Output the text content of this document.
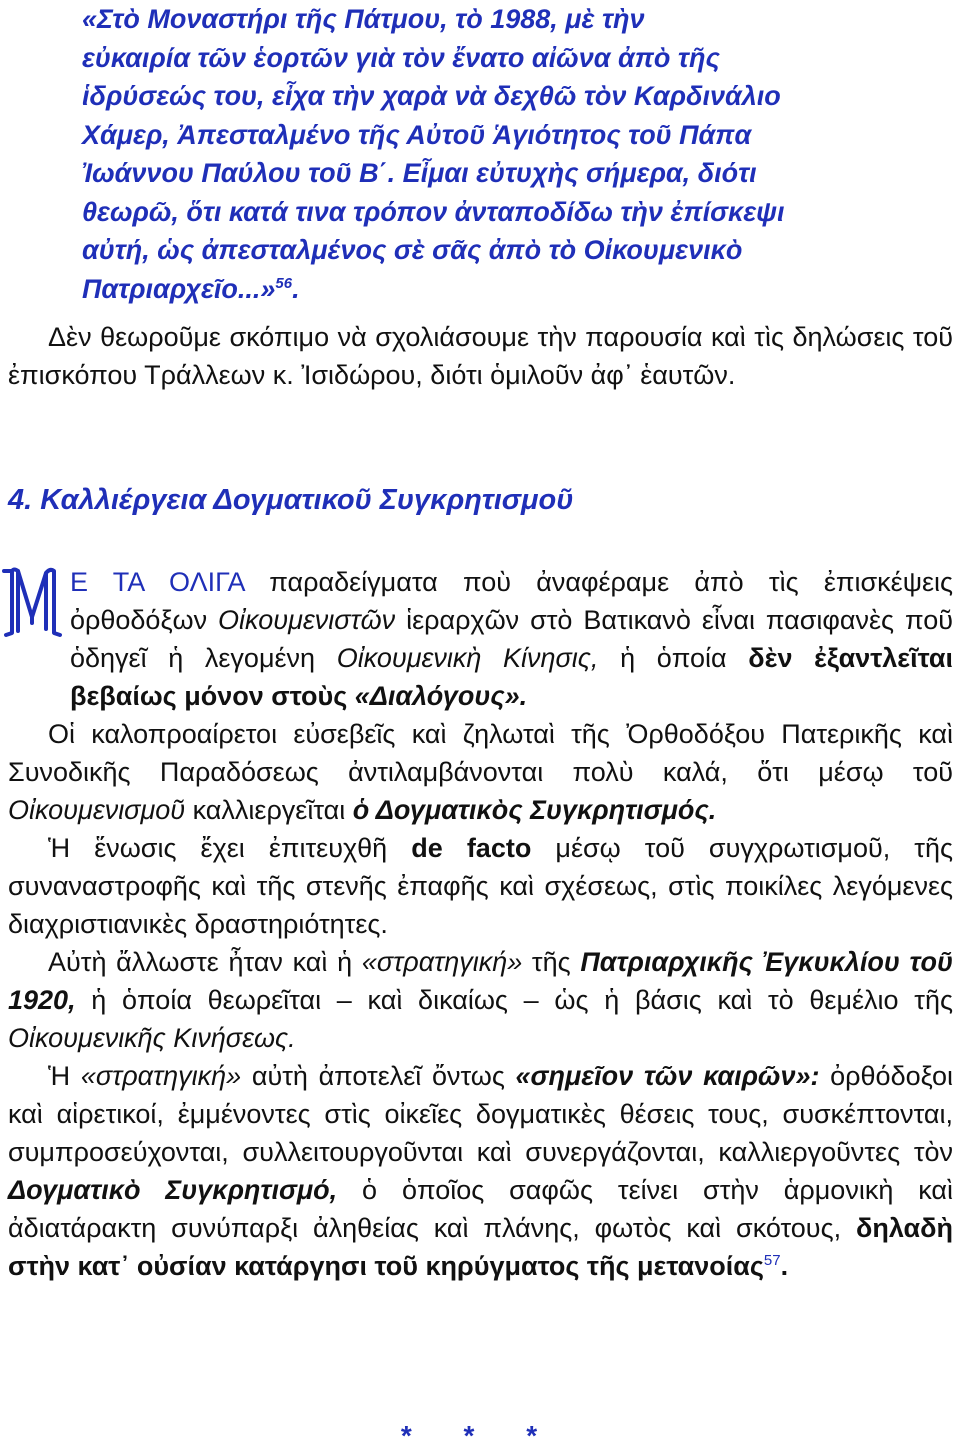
«Στὸ Μοναστήρι τῆς Πάτμου, τὸ 1988, μὲ τὴν
εὐκαιρία τῶν ἑορτῶν γιὰ τὸν ἔνατο αἰῶνα ἀπὸ τῆς
ἱδρύσεώς του, εἶχα τὴν χαρὰ νὰ δεχθῶ τὸν Καρδινάλιο
Χάμερ, Ἀπεσταλμένο τῆς Αὐτοῦ Ἁγιότητος τοῦ Πάπα
Ἰωάννου Παύλου τοῦ Β΄. Εἶμαι εὐτυχὴς σήμερα, διότι
θεωρῶ, ὅτι κατά τινα τρόπον ἀνταποδίδω τὴν ἐπίσκεψι
αὐτή, ὡς ἀπεσταλμένος σὲ σᾶς ἀπὸ τὸ Οἰκουμενικὸ
Πατριαρχεῖο...»$^{56}$.

Δὲν θεωροῦμε σκόπιμο νὰ σχολιάσουμε τὴν παρουσία καὶ τὶς δηλώσεις τοῦ ἐπισκόπου Τράλλεων κ. Ἰσιδώρου, διότι ὁμιλοῦν ἀφ᾽ ἑαυτῶν.

4. Καλλιέργεια Δογματικοῦ Συγκρητισμοῦ
Μ

Ε ΤΑ ΟΛΙΓΑ παραδείγματα ποὺ ἀναφέραμε ἀπὸ τὶς ἐπισκέψεις ὀρθοδόξων Οἰκουμενιστῶν ἱεραρχῶν στὸ Βατικανὸ εἶναι πασιφανὲς ποῦ ὁδηγεῖ ἡ λεγομένη Οἰκουμενικὴ Κίνησις, ἡ ὁποία δὲν ἐξαντλεῖται βεβαίως μόνον στοὺς «Διαλόγους».

Οἱ καλοπροαίρετοι εὐσεβεῖς καὶ ζηλωταὶ τῆς Ὀρθοδόξου Πατερικῆς καὶ Συνοδικῆς Παραδόσεως ἀντιλαμβάνονται πολὺ καλά, ὅτι μέσῳ τοῦ Οἰκουμενισμοῦ καλλιεργεῖται ὁ Δογματικὸς Συγκρητισμός.

Ἡ ἕνωσις ἔχει ἐπιτευχθῆ de facto μέσῳ τοῦ συγχρωτισμοῦ, τῆς συναναστροφῆς καὶ τῆς στενῆς ἐπαφῆς καὶ σχέσεως, στὶς ποικίλες λεγόμενες διαχριστιανικὲς δραστηριότητες.

Αὐτὴ ἄλλωστε ἦταν καὶ ἡ «στρατηγική» τῆς Πατριαρχικῆς Ἐγκυκλίου τοῦ 1920, ἡ ὁποία θεωρεῖται – καὶ δικαίως – ὡς ἡ βάσις καὶ τὸ θεμέλιο τῆς Οἰκουμενικῆς Κινήσεως.

Ἡ «στρατηγική» αὐτὴ ἀποτελεῖ ὄντως «σημεῖον τῶν καιρῶν»: ὀρθόδοξοι καὶ αἱρετικοί, ἐμμένοντες στὶς οἰκεῖες δογματικὲς θέσεις τους, συσκέπτονται, συμπροσεύχονται, συλλειτουργοῦνται καὶ συνεργάζονται, καλλιεργοῦντες τὸν Δογματικὸ Συγκρητισμό, ὁ ὁποῖος σαφῶς τείνει στὴν ἁρμονικὴ καὶ ἀδιατάρακτη συνύπαρξι ἀληθείας καὶ πλάνης, φωτὸς καὶ σκότους, δηλαδὴ στὴν κατ᾽ οὐσίαν κατάργησι τοῦ κηρύγματος τῆς μετανοίας$^{57}$.

* * *
